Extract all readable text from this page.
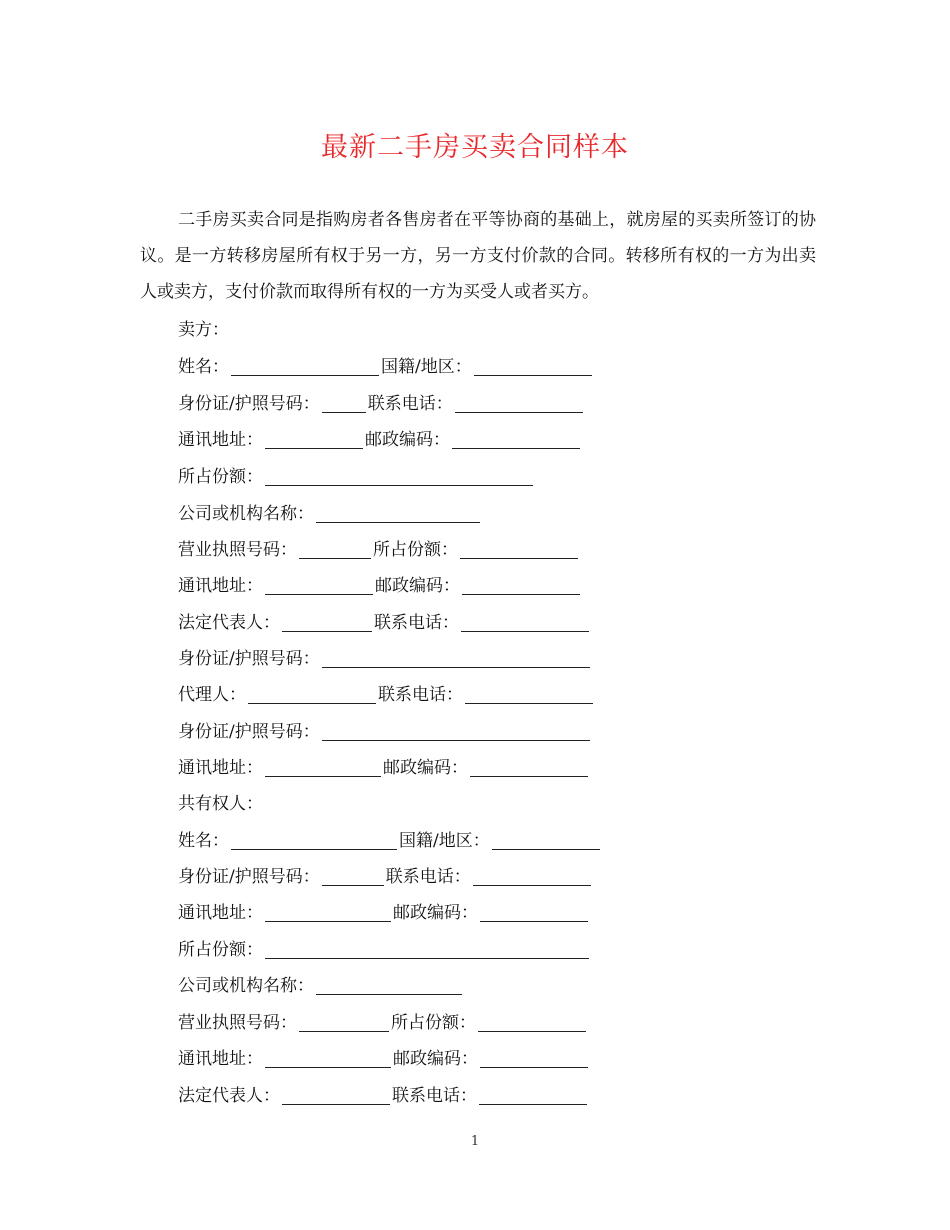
最新二手房买卖合同样本

二手房买卖合同是指购房者各售房者在平等协商的基础上，就房屋的买卖所签订的协议。是一方转移房屋所有权于另一方，另一方支付价款的合同。转移所有权的一方为出卖人或卖方，支付价款而取得所有权的一方为买受人或者买方。

卖方：
姓名：	国籍/地区：
身份证/护照号码：	联系电话：
通讯地址：	邮政编码：
所占份额：
公司或机构名称：
营业执照号码：	所占份额：
通讯地址：	邮政编码：
法定代表人：	联系电话：
身份证/护照号码：
代理人：	联系电话：
身份证/护照号码：
通讯地址：	邮政编码：
共有权人：
姓名：	国籍/地区：
身份证/护照号码：	联系电话：
通讯地址：	邮政编码：
所占份额：
公司或机构名称：
营业执照号码：	所占份额：
通讯地址：	邮政编码：
法定代表人：	联系电话：
1
